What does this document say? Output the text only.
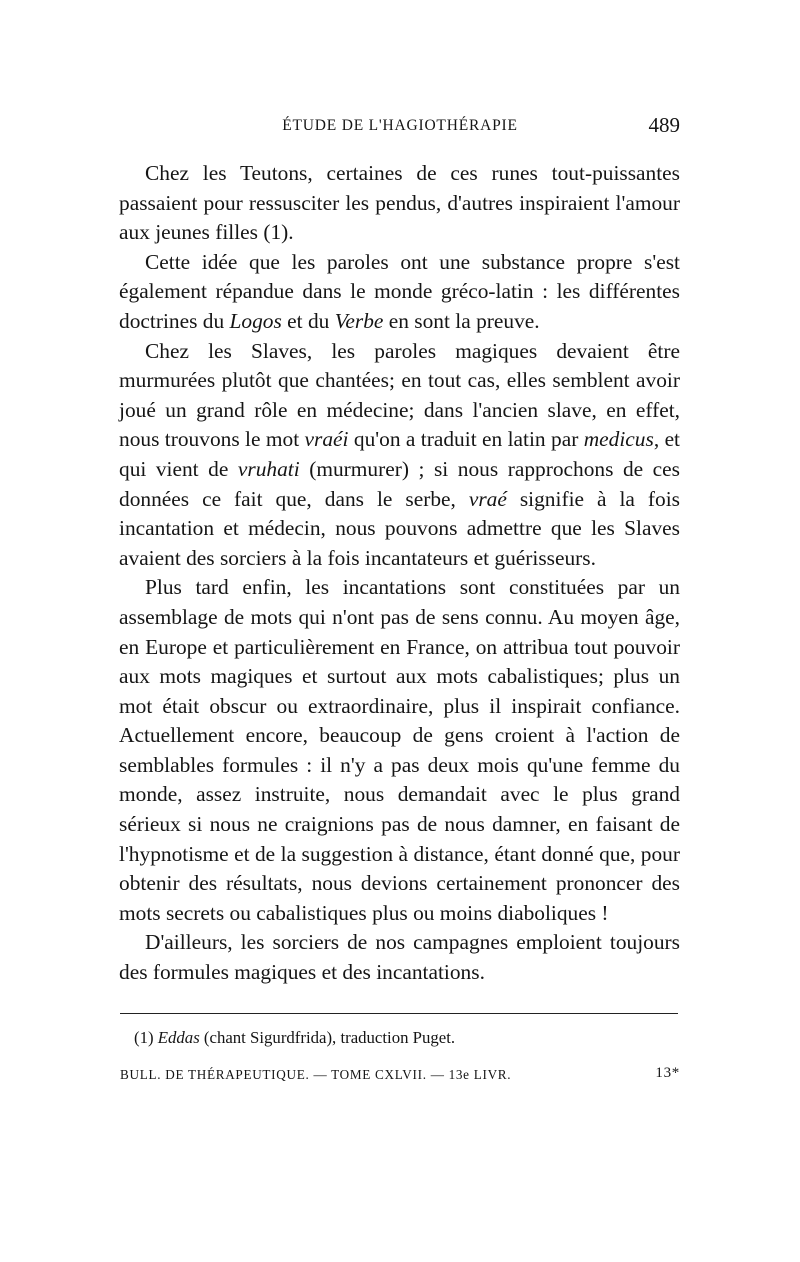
ÉTUDE DE L'HAGIOTHÉRAPIE	489

Chez les Teutons, certaines de ces runes tout-puissantes passaient pour ressusciter les pendus, d'autres inspiraient l'amour aux jeunes filles (1).

Cette idée que les paroles ont une substance propre s'est également répandue dans le monde gréco-latin : les différentes doctrines du Logos et du Verbe en sont la preuve.

Chez les Slaves, les paroles magiques devaient être murmurées plutôt que chantées; en tout cas, elles semblent avoir joué un grand rôle en médecine; dans l'ancien slave, en effet, nous trouvons le mot vraéi qu'on a traduit en latin par medicus, et qui vient de vruhati (murmurer) ; si nous rapprochons de ces données ce fait que, dans le serbe, vraé signifie à la fois incantation et médecin, nous pouvons admettre que les Slaves avaient des sorciers à la fois incantateurs et guérisseurs.

Plus tard enfin, les incantations sont constituées par un assemblage de mots qui n'ont pas de sens connu. Au moyen âge, en Europe et particulièrement en France, on attribua tout pouvoir aux mots magiques et surtout aux mots cabalistiques; plus un mot était obscur ou extraordinaire, plus il inspirait confiance. Actuellement encore, beaucoup de gens croient à l'action de semblables formules : il n'y a pas deux mois qu'une femme du monde, assez instruite, nous demandait avec le plus grand sérieux si nous ne craignions pas de nous damner, en faisant de l'hypnotisme et de la suggestion à distance, étant donné que, pour obtenir des résultats, nous devions certainement prononcer des mots secrets ou cabalistiques plus ou moins diaboliques !

D'ailleurs, les sorciers de nos campagnes emploient toujours des formules magiques et des incantations.

(1) Eddas (chant Sigurdfrida), traduction Puget.
BULL. DE THÉRAPEUTIQUE. — TOME CXLVII. — 13e LIVR.	13*
